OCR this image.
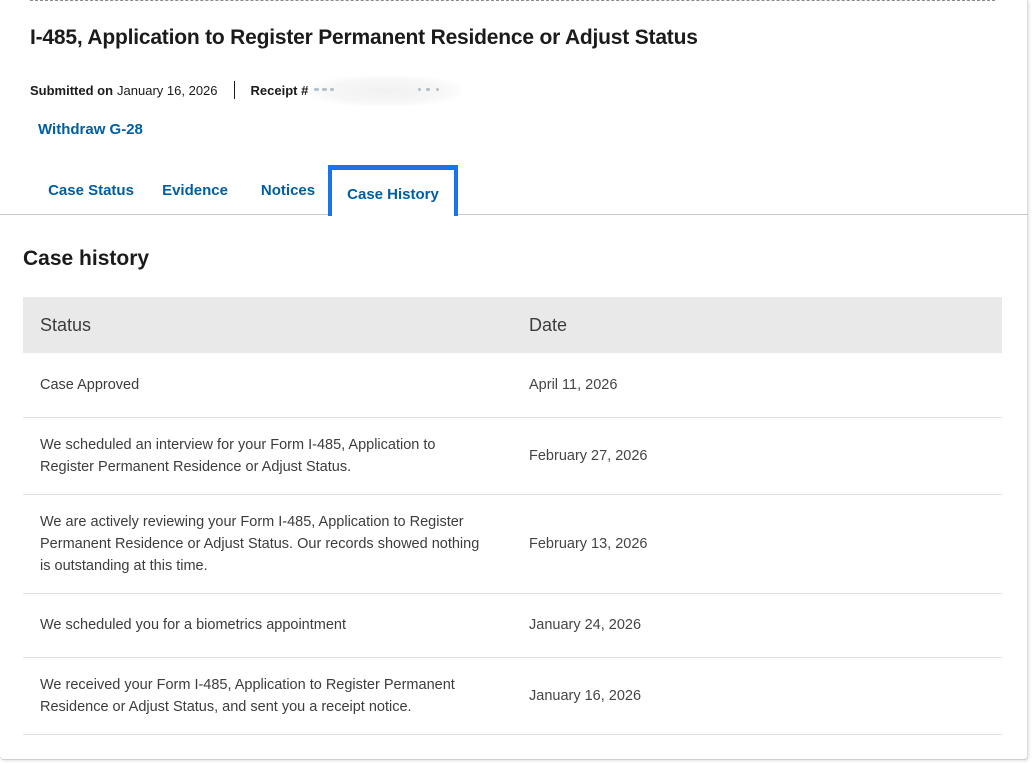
I-485, Application to Register Permanent Residence or Adjust Status
Submitted on January 16, 2026	Receipt #
Withdraw G-28
Case Status	Evidence	Notices	Case History
Case history
Status	Date
Case Approved	April 11, 2026
We scheduled an interview for your Form I-485, Application to Register Permanent Residence or Adjust Status.	February 27, 2026
We are actively reviewing your Form I-485, Application to Register Permanent Residence or Adjust Status. Our records showed nothing is outstanding at this time.	February 13, 2026
We scheduled you for a biometrics appointment	January 24, 2026
We received your Form I-485, Application to Register Permanent Residence or Adjust Status, and sent you a receipt notice.	January 16, 2026
